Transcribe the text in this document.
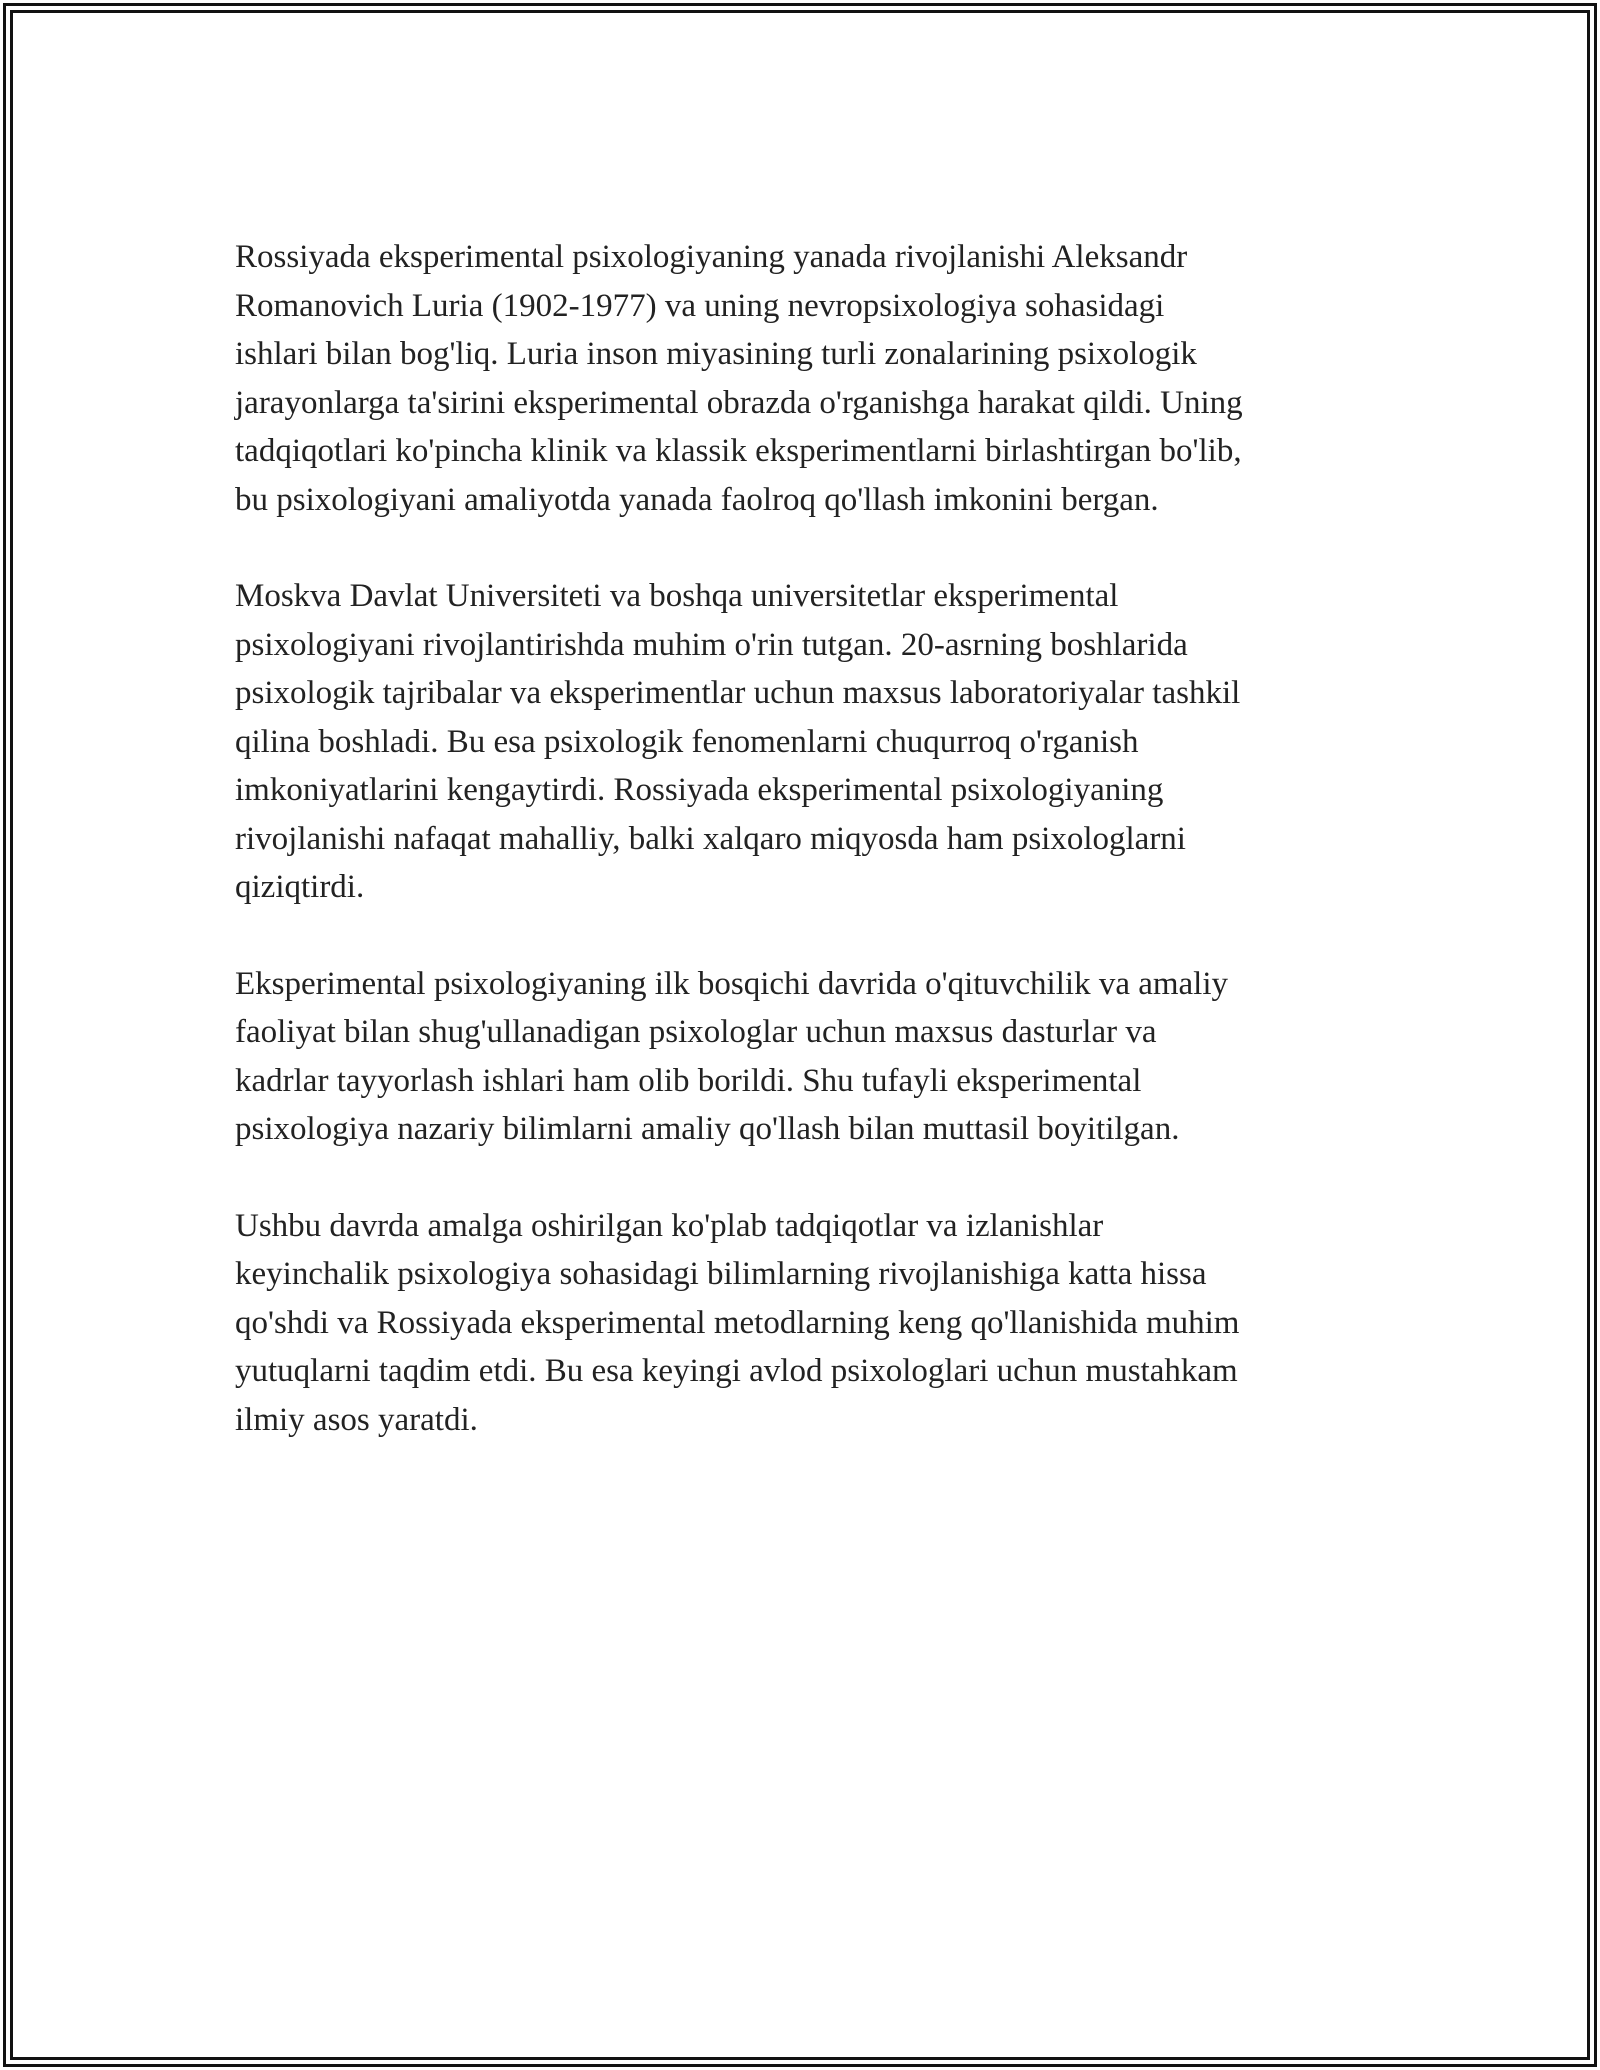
Rossiyada eksperimental psixologiyaning yanada rivojlanishi Aleksandr
Romanovich Luria (1902-1977) va uning nevropsixologiya sohasidagi
ishlari bilan bog'liq. Luria inson miyasining turli zonalarining psixologik
jarayonlarga ta'sirini eksperimental obrazda o'rganishga harakat qildi. Uning
tadqiqotlari ko'pincha klinik va klassik eksperimentlarni birlashtirgan bo'lib,
bu psixologiyani amaliyotda yanada faolroq qo'llash imkonini bergan.

Moskva Davlat Universiteti va boshqa universitetlar eksperimental
psixologiyani rivojlantirishda muhim o'rin tutgan. 20-asrning boshlarida
psixologik tajribalar va eksperimentlar uchun maxsus laboratoriyalar tashkil
qilina boshladi. Bu esa psixologik fenomenlarni chuqurroq o'rganish
imkoniyatlarini kengaytirdi. Rossiyada eksperimental psixologiyaning
rivojlanishi nafaqat mahalliy, balki xalqaro miqyosda ham psixologlarni
qiziqtirdi.

Eksperimental psixologiyaning ilk bosqichi davrida o'qituvchilik va amaliy
faoliyat bilan shug'ullanadigan psixologlar uchun maxsus dasturlar va
kadrlar tayyorlash ishlari ham olib borildi. Shu tufayli eksperimental
psixologiya nazariy bilimlarni amaliy qo'llash bilan muttasil boyitilgan.

Ushbu davrda amalga oshirilgan ko'plab tadqiqotlar va izlanishlar
keyinchalik psixologiya sohasidagi bilimlarning rivojlanishiga katta hissa
qo'shdi va Rossiyada eksperimental metodlarning keng qo'llanishida muhim
yutuqlarni taqdim etdi. Bu esa keyingi avlod psixologlari uchun mustahkam
ilmiy asos yaratdi.
